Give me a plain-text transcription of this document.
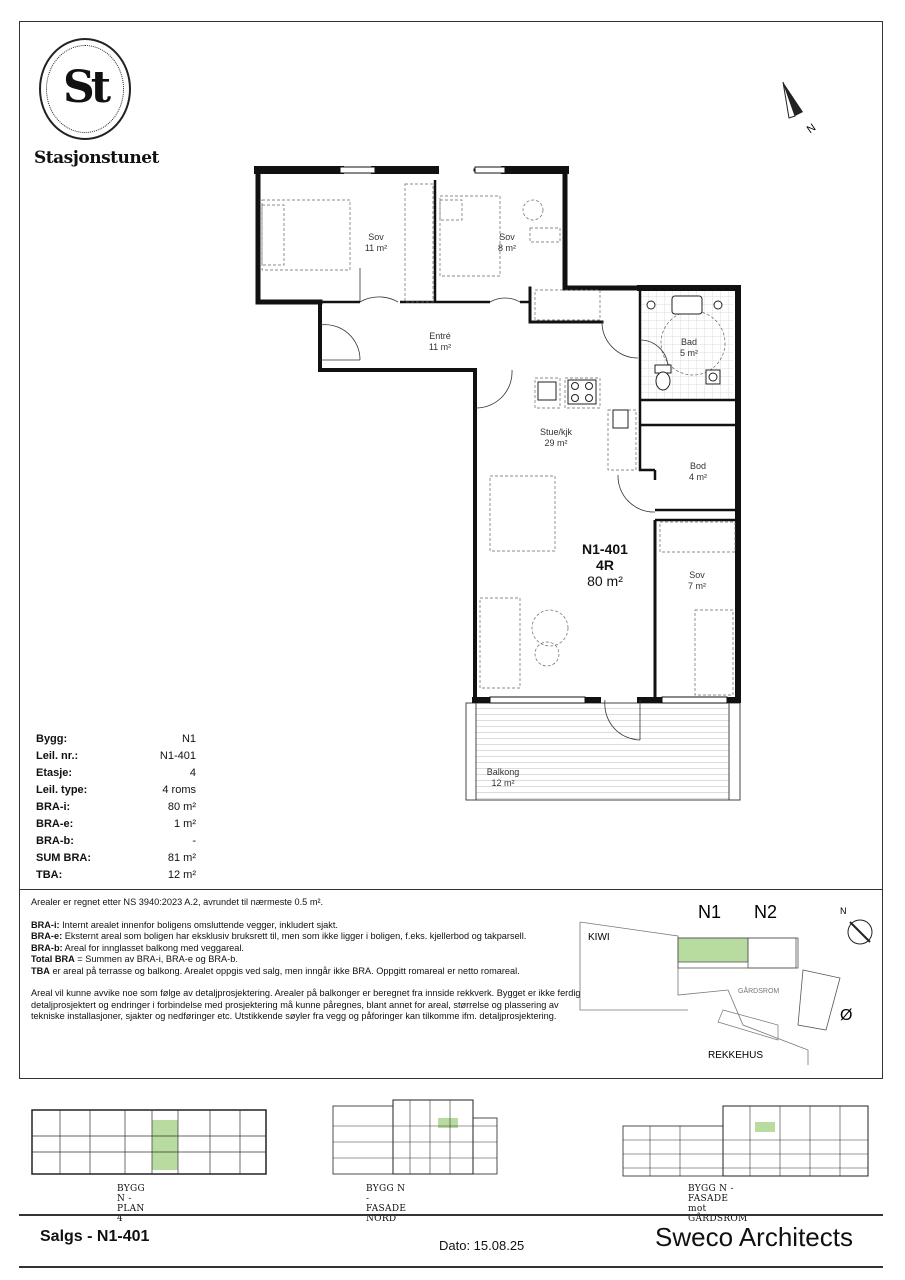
St
Stasjonstunet
N
Sov
11 m²
Sov
8 m²
Entré
11 m²	Bad
5 m²
Stue/kjk
29 m²
Bod
4 m²
Sov
7 m²
Balkong
12 m²
N1-401
4R
80 m²
Bygg:	N1
Leil. nr.:	N1-401
Etasje:	4
Leil. type:	4 roms
BRA-i:	80 m²
BRA-e:	1 m²
BRA-b:	-
SUM BRA:	81 m²
TBA:	12 m²

Arealer er regnet etter NS 3940:2023 A.2, avrundet til nærmeste 0.5 m².

BRA-i: Internt arealet innenfor boligens omsluttende vegger, inkludert sjakt.

BRA-e: Eksternt areal som boligen har eksklusiv bruksrett til, men som ikke ligger i boligen, f.eks. kjellerbod og takparsell.

BRA-b: Areal for innglasset balkong med veggareal.

Total BRA = Summen av BRA-i, BRA-e og BRA-b.

TBA er areal på terrasse og balkong. Arealet oppgis ved salg, men inngår ikke BRA. Oppgitt romareal er netto romareal.

Areal vil kunne avvike noe som følge av detaljprosjektering. Arealer på balkonger er beregnet fra innside rekkverk. Bygget er ikke ferdig detaljprosjektert og endringer i forbindelse med prosjektering må kunne påregnes, blant annet for areal, størrelse og plassering av tekniske installasjoner, sjakter og nedføringer etc. Utstikkende søyler fra vegg og påforinger kan tilkomme ifm. detaljprosjektering.

N1 N2
KIWI
GÅRDSROM
REKKEHUS
Ø
N
BYGG N - PLAN 4
BYGG N - FASADE NORD
BYGG N - FASADE mot GÅRDSROM
Salgs - N1-401
Dato: 15.08.25	Sweco Architects
